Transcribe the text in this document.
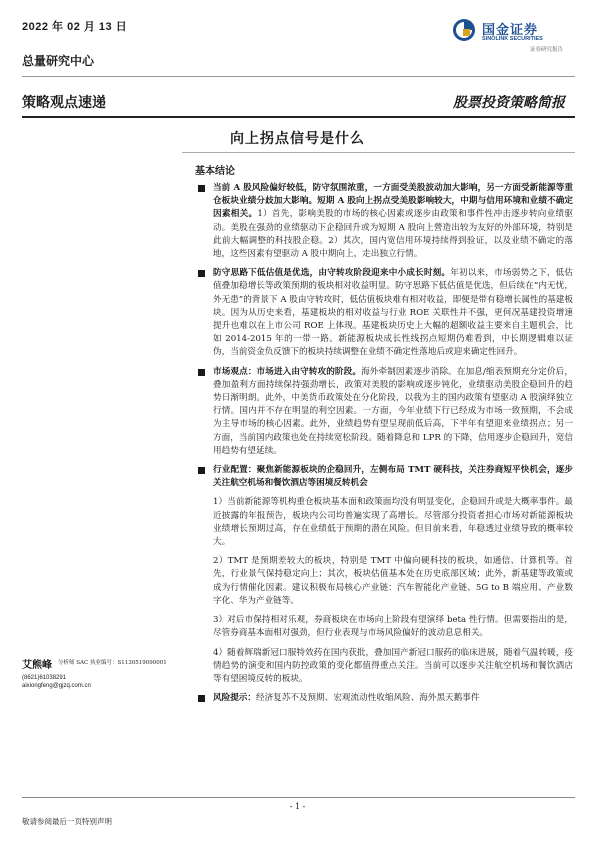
2022 年 02 月 13 日
总量研究中心
国金证券
SINOLINK SECURITIES
证券研究报告
策略观点速递	股票投资策略简报
向上拐点信号是什么
基本结论
当前 A 股风险偏好较低，防守氛围浓重，一方面受美股波动加大影响，另一方面受新能源等重仓板块业绩分歧加大影响。短期 A 股向上拐点受美股影响较大，中期与信用环境和业绩不确定因素相关。1）首先，影响美股的市场的核心因素或逐步由政策和事件性冲击逐步转向业绩驱动。美股在强劲的业绩驱动下企稳回升或为短期 A 股向上營造出较为友好的外部环境，特别是此前大幅调整的科技股企稳。2）其次，国内宽信用环境持续得到验证，以及业绩不确定的落地，这些因素有望驱动 A 股中期向上，走出独立行情。
防守思路下低估值是优选，由守转攻阶段迎来中小成长时刻。年初以来，市场弱势之下，低估值叠加稳增长等政策预期的板块相对收益明显。防守思路下低估值是优选，但后续在“内无忧，外无患”的背景下 A 股由守转攻时，低估值板块难有相对收益，即便是带有稳增长属性的基建板块。因为从历史来看，基建板块的相对收益与行业 ROE 关联性并不强，更何况基建投资增速提升也难以在上市公司 ROE 上体现。基建板块历史上大幅的超额收益主要来自主题机会，比如 2014-2015 年的一带一路。新能源板块成长性线拐点短期仍难看到，中长期逻辑难以证伪，当前资金负反馈下的板块持续调整在业绩不确定性落地后或迎来确定性回升。
市场观点：市场进入由守转攻的阶段。海外牵制因素逐步消除。在加息/缩表预期充分定价后，叠加盈利方面持续保持强劲增长，政策对美股的影响或逐步钝化，业绩驱动美股企稳回升的趋势日渐明朗。此外，中美货币政策处在分化阶段，以我为主的国内政策有望驱动 A 股演绎独立行情。国内并不存在明显的利空因素。一方面，今年业绩下行已经成为市场一致预期，不会成为主导市场的核心因素。此外，业绩趋势有望呈现前低后高，下半年有望迎来业绩拐点；另一方面，当前国内政策也处在持续宽松阶段。随着降息和 LPR 的下降，信用逐步企稳回升，宽信用趋势有望延续。
行业配置：聚焦新能源板块的企稳回升，左侧布局 TMT 硬科技，关注券商短平快机会，逐步关注航空机场和餐饮酒店等困境反转机会

1）当前新能源等机构重仓板块基本面和政策面均没有明显变化，企稳回升或是大概率事件。最近披露的年报预告，板块内公司均普遍实现了高增长。尽管部分投资者担心市场对新能源板块业绩增长预期过高，存在业绩低于预期的潜在风险。但目前来看，年稳透过业绩导致的概率较大。

2）TMT 是预期差较大的板块，特别是 TMT 中偏向硬科技的板块，如通信、计算机等。首先，行业景气保持稳定向上；其次，板块估值基本处在历史底部区域；此外，新基建等政策或成为行情催化因素。建议积极布局核心产业链：汽车智能化产业链、5G to B 端应用、产业数字化、华为产业链等。

3）对后市保持相对乐观，券商板块在市场向上阶段有望演绎 beta 性行情。但需要指出的是，尽管券商基本面相对强劲，但行业表现与市场风险偏好的波动息息相关。

4）随着辉瑞新冠口服特效药在国内获批，叠加国产新冠口服药的临床进展，随着气温转暖，疫情趋势的演变和国内防控政策的变化都值得重点关注。当前可以逐步关注航空机场和餐饮酒店等有望困境反转的板块。

风险提示：经济复苏不及预期、宏观流动性收缩风险、海外黑天鹅事件
艾熊峰	分析师 SAC 执业编号：S1130519090001
(8621)61038291
aixiongfeng@gjzq.com.cn
- 1 -
敬请参阅最后一页特别声明
